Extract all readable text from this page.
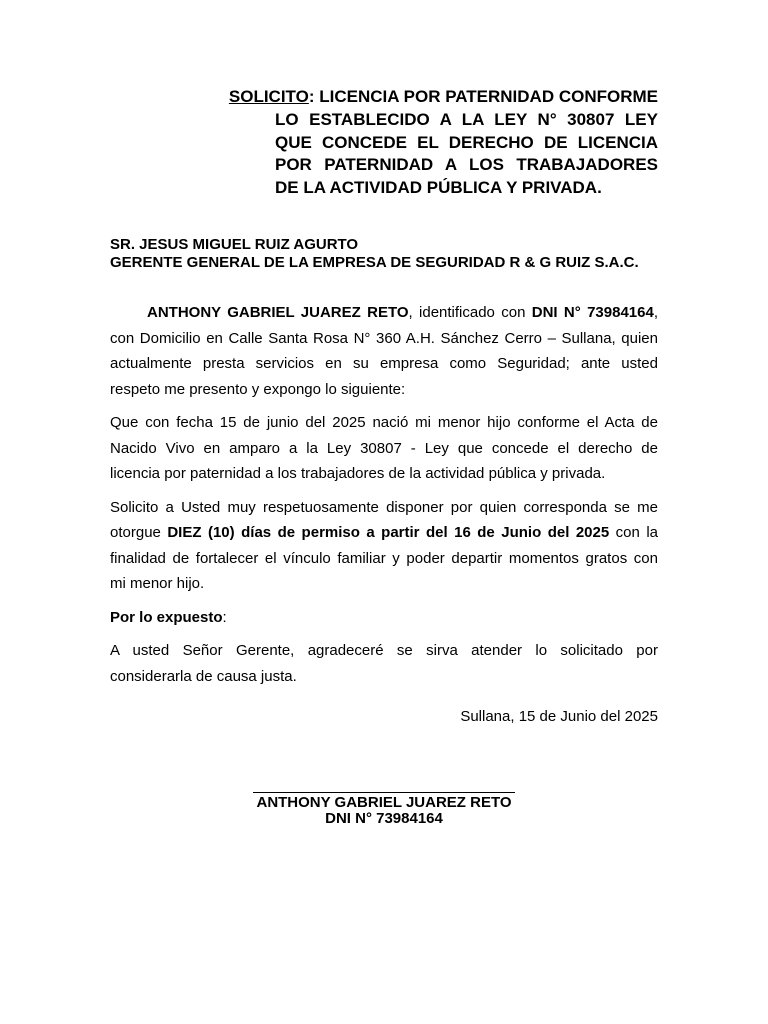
SOLICITO: LICENCIA POR PATERNIDAD CONFORME
LO ESTABLECIDO A LA LEY N° 30807 LEY
QUE CONCEDE EL DERECHO DE LICENCIA
POR PATERNIDAD A LOS TRABAJADORES
DE LA ACTIVIDAD PÚBLICA Y PRIVADA.
SR. JESUS MIGUEL RUIZ AGURTO
GERENTE GENERAL DE LA EMPRESA DE SEGURIDAD R & G RUIZ S.A.C.

ANTHONY GABRIEL JUAREZ RETO, identificado con DNI N° 73984164,
con Domicilio en Calle Santa Rosa N° 360 A.H. Sánchez Cerro – Sullana, quien
actualmente presta servicios en su empresa como Seguridad; ante usted
respeto me presento y expongo lo siguiente:

Que con fecha 15 de junio del 2025 nació mi menor hijo conforme el Acta de
Nacido Vivo en amparo a la Ley 30807 - Ley que concede el derecho de
licencia por paternidad a los trabajadores de la actividad pública y privada.

Solicito a Usted muy respetuosamente disponer por quien corresponda se me
otorgue DIEZ (10) días de permiso a partir del 16 de Junio del 2025 con la
finalidad de fortalecer el vínculo familiar y poder departir momentos gratos con
mi menor hijo.

Por lo expuesto:

A usted Señor Gerente, agradeceré se sirva atender lo solicitado por
considerarla de causa justa.

Sullana, 15 de Junio del 2025
ANTHONY GABRIEL JUAREZ RETO
DNI N° 73984164
